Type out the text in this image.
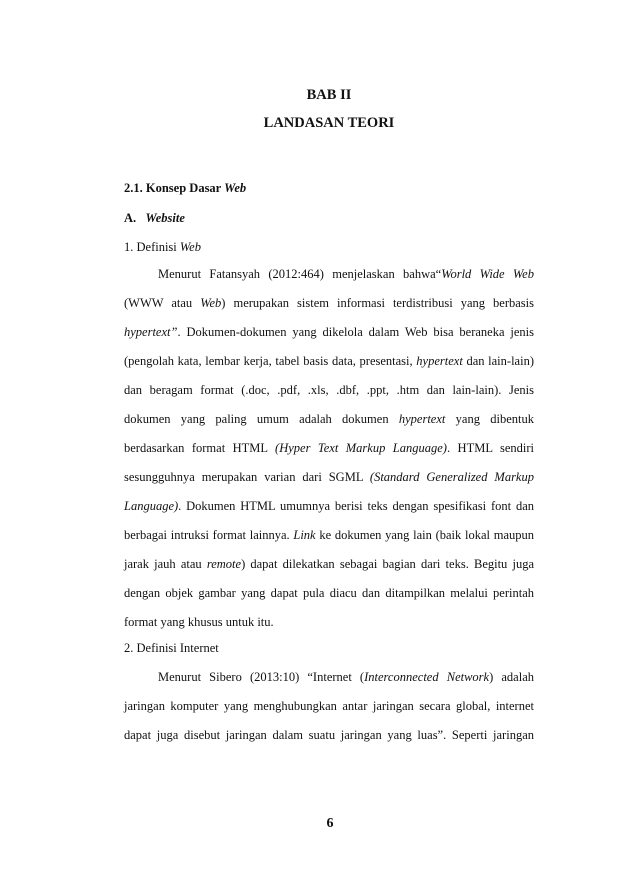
BAB II
LANDASAN TEORI
2.1. Konsep Dasar Web
A. Website
1. Definisi Web
Menurut Fatansyah (2012:464) menjelaskan bahwa“World Wide Web
(WWW atau Web) merupakan sistem informasi terdistribusi yang berbasis
hypertext”. Dokumen-dokumen yang dikelola dalam Web bisa beraneka jenis
(pengolah kata, lembar kerja, tabel basis data, presentasi, hypertext dan lain-lain)
dan beragam format (.doc, .pdf, .xls, .dbf, .ppt, .htm dan lain-lain). Jenis
dokumen yang paling umum adalah dokumen hypertext yang dibentuk
berdasarkan format HTML (Hyper Text Markup Language). HTML sendiri
sesungguhnya merupakan varian dari SGML (Standard Generalized Markup
Language). Dokumen HTML umumnya berisi teks dengan spesifikasi font dan
berbagai intruksi format lainnya. Link ke dokumen yang lain (baik lokal maupun
jarak jauh atau remote) dapat dilekatkan sebagai bagian dari teks. Begitu juga
dengan objek gambar yang dapat pula diacu dan ditampilkan melalui perintah
format yang khusus untuk itu.
2. Definisi Internet
Menurut Sibero (2013:10) “Internet (Interconnected Network) adalah
jaringan komputer yang menghubungkan antar jaringan secara global, internet
dapat juga disebut jaringan dalam suatu jaringan yang luas”. Seperti jaringan
6
